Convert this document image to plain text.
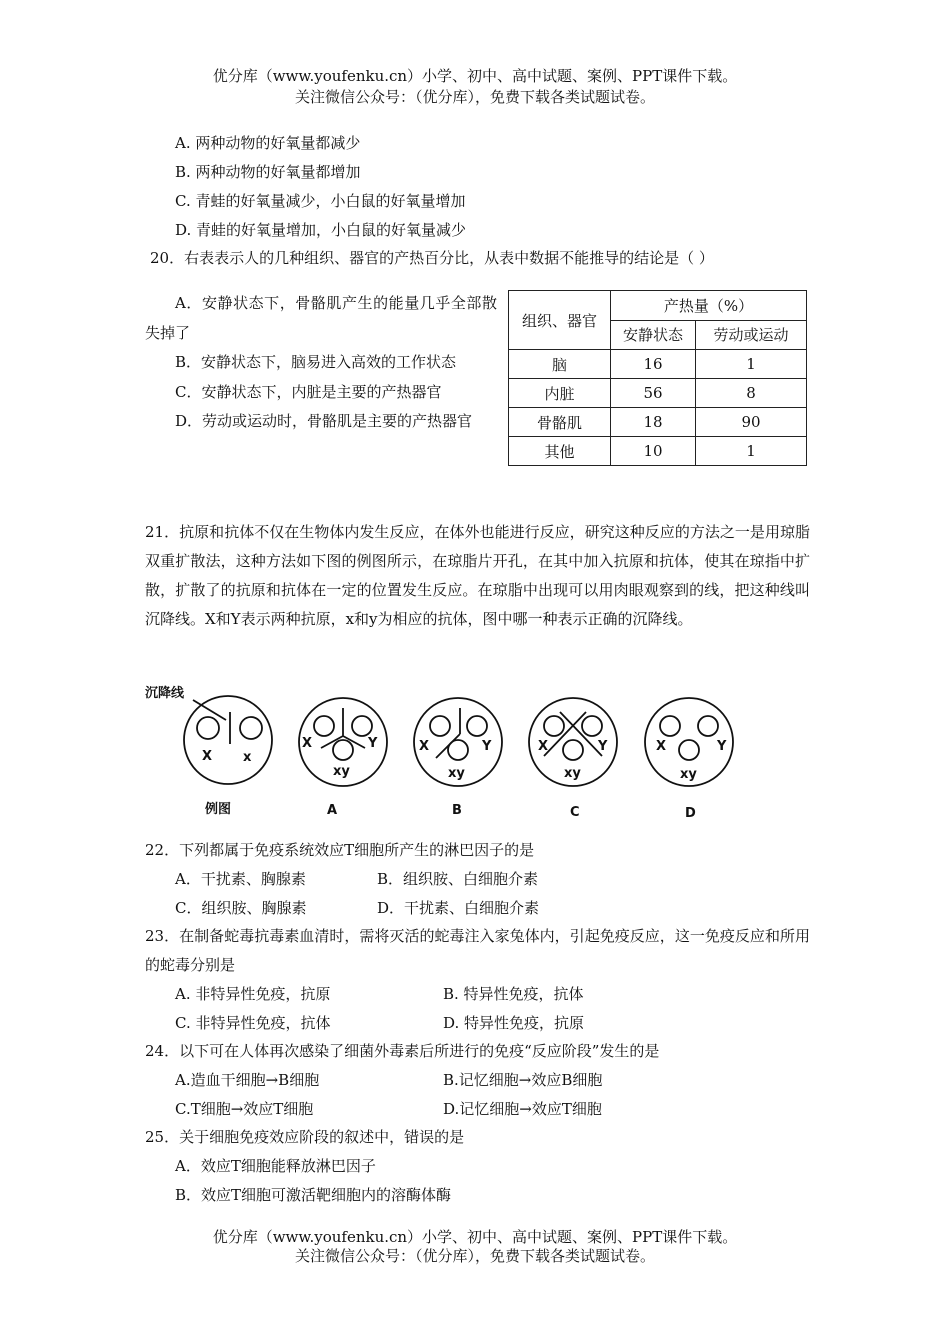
优分库（www.youfenku.cn）小学、初中、高中试题、案例、PPT课件下载。
关注微信公众号：（优分库），免费下载各类试题试卷。
A. 两种动物的好氧量都减少
B. 两种动物的好氧量都增加
C. 青蛙的好氧量减少，小白鼠的好氧量增加
D. 青蛙的好氧量增加，小白鼠的好氧量减少
20．右表表示人的几种组织、器官的产热百分比，从表中数据不能推导的结论是（ ）
A．安静状态下，骨骼肌产生的能量几乎全部散失掉了
B．安静状态下，脑易进入高效的工作状态
C．安静状态下，内脏是主要的产热器官
D．劳动或运动时，骨骼肌是主要的产热器官
组织、器官	产热量（%）	
	安静状态	劳动或运动
脑	16	1
内脏	56	8
骨骼肌	18	90
其他	10	1
21．抗原和抗体不仅在生物体内发生反应，在体外也能进行反应，研究这种反应的方法之一是用琼脂双重扩散法，这种方法如下图的例图所示，在琼脂片开孔，在其中加入抗原和抗体，使其在琼指中扩散，扩散了的抗原和抗体在一定的位置发生反应。在琼脂中出现可以用肉眼观察到的线，把这种线叫沉降线。X和Y表示两种抗原，x和y为相应的抗体，图中哪一种表示正确的沉降线。
沉降线
X x
X	Y
xy
X	Y
xy
X	Y
xy
X	Y
xy
例图	A	B	C	D
22．下列都属于免疫系统效应T细胞所产生的淋巴因子的是
A．干扰素、胸腺素	B．组织胺、白细胞介素
C．组织胺、胸腺素	D．干扰素、白细胞介素
23．在制备蛇毒抗毒素血清时，需将灭活的蛇毒注入家兔体内，引起免疫反应，这一免疫反应和所用的蛇毒分别是
A. 非特异性免疫，抗原	B. 特异性免疫，抗体
C. 非特异性免疫，抗体	D. 特异性免疫，抗原
24．以下可在人体再次感染了细菌外毒素后所进行的免疫“反应阶段”发生的是
A.造血干细胞→B细胞	B.记忆细胞→效应B细胞
C.T细胞→效应T细胞	D.记忆细胞→效应T细胞
25．关于细胞免疫效应阶段的叙述中，错误的是
A．效应T细胞能释放淋巴因子
B．效应T细胞可激活靶细胞内的溶酶体酶
优分库（www.youfenku.cn）小学、初中、高中试题、案例、PPT课件下载。
关注微信公众号：（优分库），免费下载各类试题试卷。
